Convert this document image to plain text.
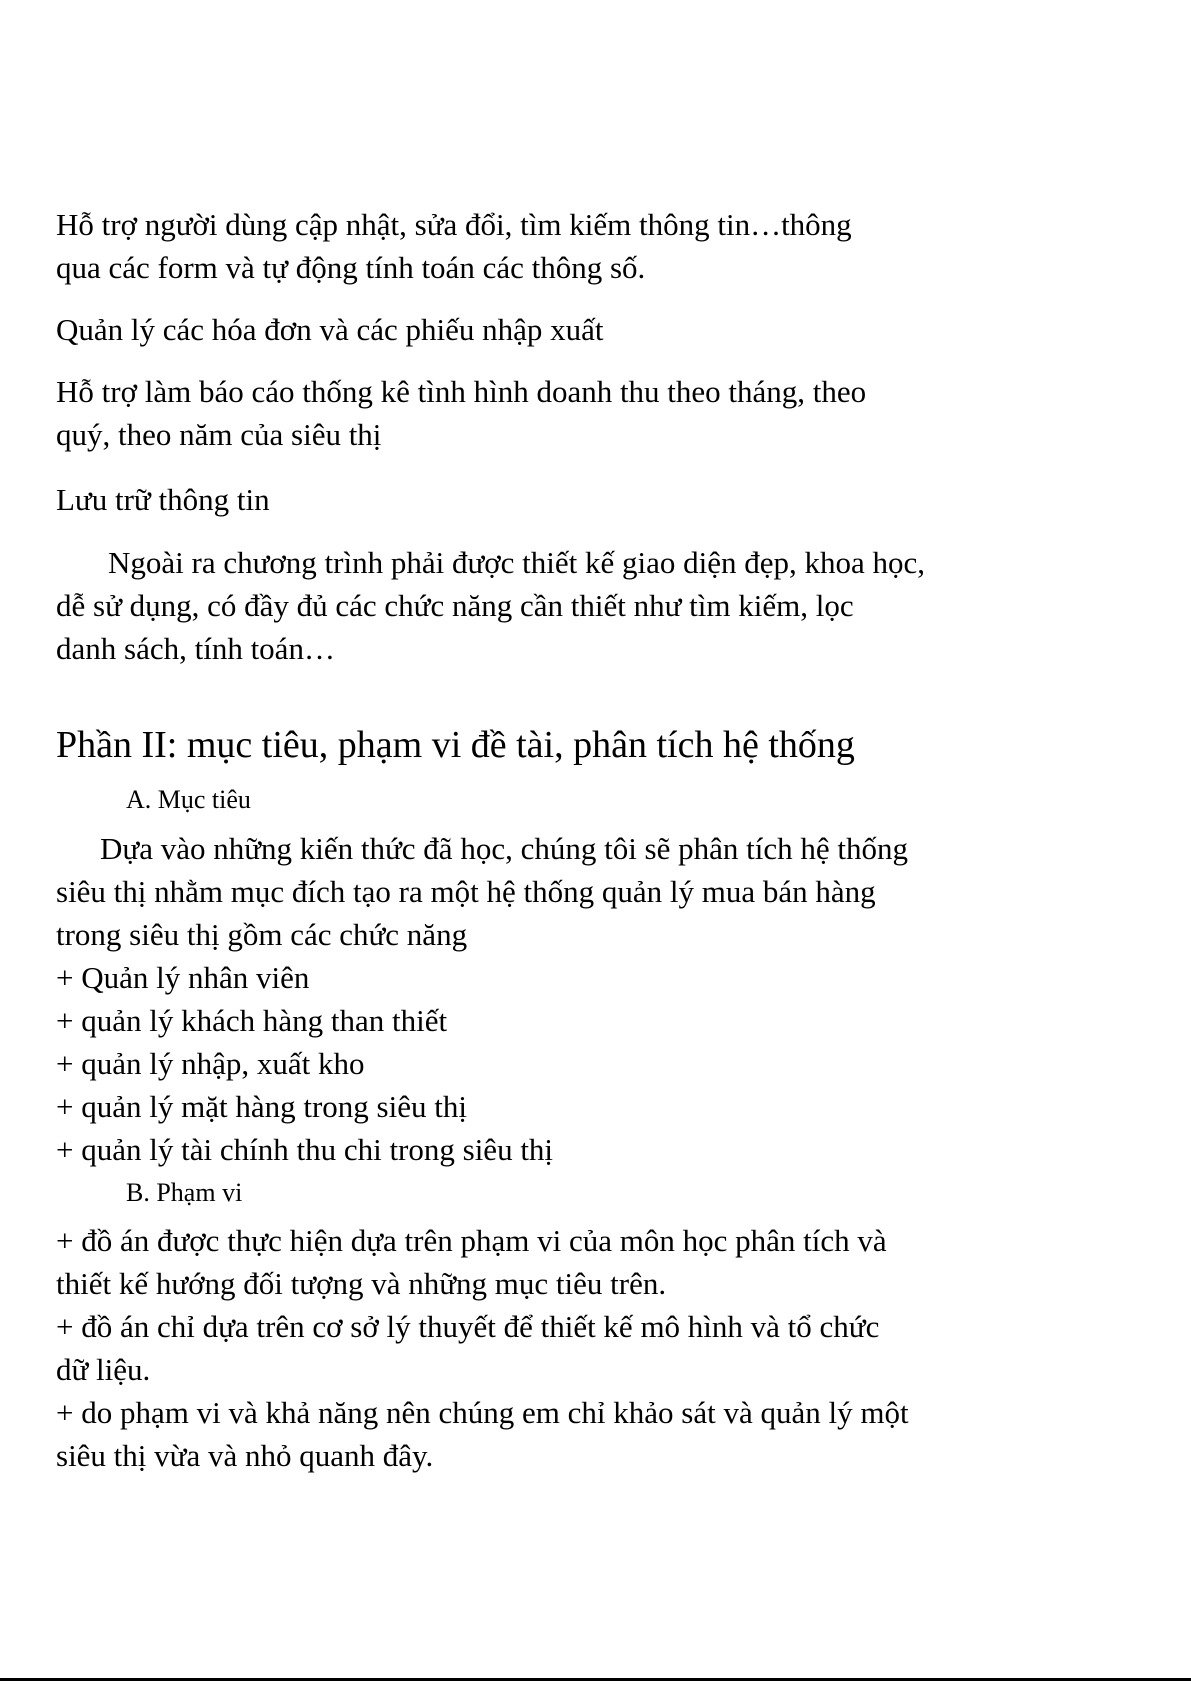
Hỗ trợ người dùng cập nhật, sửa đổi, tìm kiếm thông tin…thông
qua các form và tự động tính toán các thông số.

Quản lý các hóa đơn và các phiếu nhập xuất

Hỗ trợ làm báo cáo thống kê tình hình doanh thu theo tháng, theo
quý, theo năm của siêu thị

Lưu trữ thông tin

Ngoài ra chương trình phải được thiết kế giao diện đẹp, khoa học,
dễ sử dụng, có đầy đủ các chức năng cần thiết như tìm kiếm, lọc
danh sách, tính toán…

Phần II: mục tiêu, phạm vi đề tài, phân tích hệ thống

A. Mục tiêu

Dựa vào những kiến thức đã học, chúng tôi sẽ phân tích hệ thống
siêu thị nhằm mục đích tạo ra một hệ thống quản lý mua bán hàng
trong siêu thị gồm các chức năng

+ Quản lý nhân viên
+ quản lý khách hàng than thiết
+ quản lý nhập, xuất kho
+ quản lý mặt hàng trong siêu thị
+ quản lý tài chính thu chi trong siêu thị

B. Phạm vi

+ đồ án được thực hiện dựa trên phạm vi của môn học phân tích và
thiết kế hướng đối tượng và những mục tiêu trên.
+ đồ án chỉ dựa trên cơ sở lý thuyết để thiết kế mô hình và tổ chức
dữ liệu.
+ do phạm vi và khả năng nên chúng em chỉ khảo sát và quản lý một
siêu thị vừa và nhỏ quanh đây.
